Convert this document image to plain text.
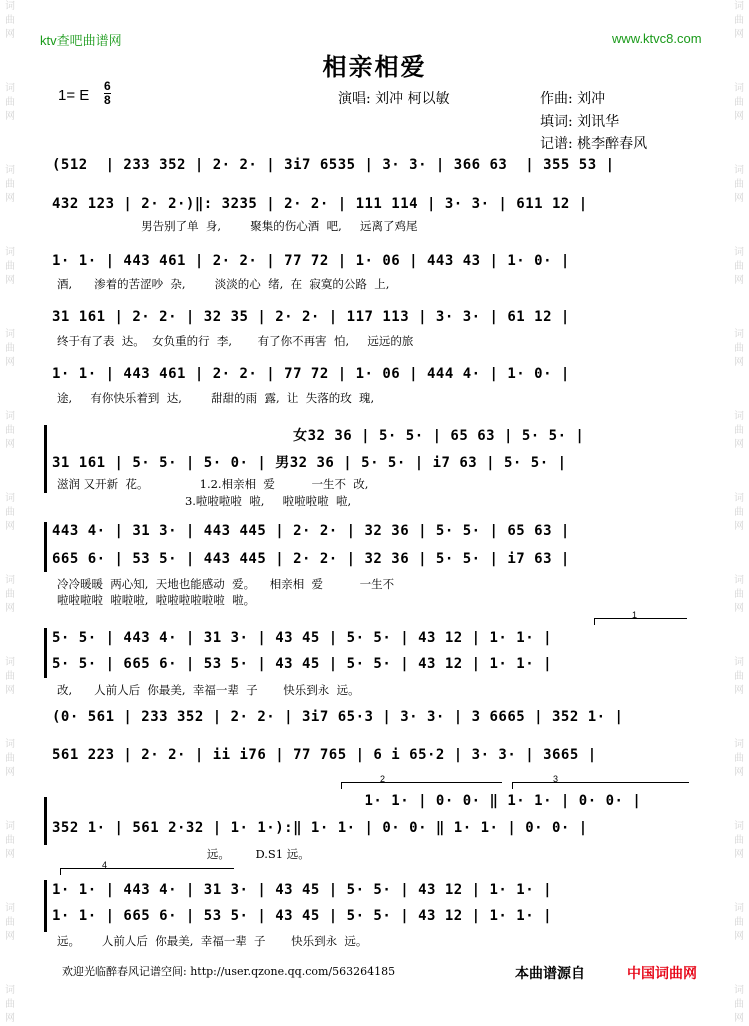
词曲网
词曲网
词曲网
词曲网
词曲网
词曲网
词曲网
词曲网
词曲网
词曲网
词曲网
词曲网
词曲网
词曲网
词曲网
词曲网
词曲网
词曲网
词曲网
词曲网
词曲网
词曲网
词曲网
词曲网
词曲网
词曲网
ktv查吧曲谱网	www.ktvc8.com
相亲相爱
1= E
6
8	演唱: 刘冲 柯以敏	作曲: 刘冲
填词: 刘讯华
记谱: 桃李醉春风
(512  | 233 352 | 2· 2· | 3i7 6535 | 3· 3· | 366 63  | 355 53 |
432 123 | 2· 2·)‖: 3235 | 2· 2· | 111 114 | 3· 3· | 611 12 |
男告别了单  身,        聚集的伤心酒  吧,     远离了鸡尾
1· 1· | 443 461 | 2· 2· | 77 72 | 1· 06 | 443 43 | 1· 0· |
酒,      渗着的苦涩吵  杂,        淡淡的心  绪,  在  寂寞的公路  上,
31 161 | 2· 2· | 32 35 | 2· 2· | 117 113 | 3· 3· | 61 12 |
终于有了表  达。  女负重的行  李,       有了你不再害  怕,     远远的旅
1· 1· | 443 461 | 2· 2· | 77 72 | 1· 06 | 444 4· | 1· 0· |
途,     有你快乐着到  达,        甜甜的雨  露,  让  失落的玫  瑰,
女32 36 | 5· 5· | 65 63 | 5· 5· |
31 161 | 5· 5· | 5· 0· | 男32 36 | 5· 5· | i7 63 | 5· 5· |
滋润 又开新  花。              1.2.相亲相  爱          一生不  改,
3.啦啦啦啦  啦,     啦啦啦啦  啦,
443 4· | 31 3· | 443 445 | 2· 2· | 32 36 | 5· 5· | 65 63 |
665 6· | 53 5· | 443 445 | 2· 2· | 32 36 | 5· 5· | i7 63 |
冷冷暖暖  两心知,  天地也能感动  爱。    相亲相  爱          一生不
啦啦啦啦  啦啦啦,  啦啦啦啦啦啦  啦。
1
5· 5· | 443 4· | 31 3· | 43 45 | 5· 5· | 43 12 | 1· 1· |
5· 5· | 665 6· | 53 5· | 43 45 | 5· 5· | 43 12 | 1· 1· |
改,      人前人后  你最美,  幸福一辈  子       快乐到永  远。
(0· 561 | 233 352 | 2· 2· | 3i7 65·3 | 3· 3· | 3 6665 | 352 1· |
561 223 | 2· 2· | ii i76 | 77 765 | 6 i 65·2 | 3· 3· | 3665 |
2	3
1· 1· | 0· 0· ‖ 1· 1· | 0· 0· |
352 1· | 561 2·32 | 1· 1·):‖ 1· 1· | 0· 0· ‖ 1· 1· | 0· 0· |
远。       D.S1 远。
4
1· 1· | 443 4· | 31 3· | 43 45 | 5· 5· | 43 12 | 1· 1· |
1· 1· | 665 6· | 53 5· | 43 45 | 5· 5· | 43 12 | 1· 1· |
远。      人前人后  你最美,  幸福一辈  子       快乐到永  远。
欢迎光临醉春风记谱空间: http://user.qzone.qq.com/563264185	本曲谱源自	中国词曲网
